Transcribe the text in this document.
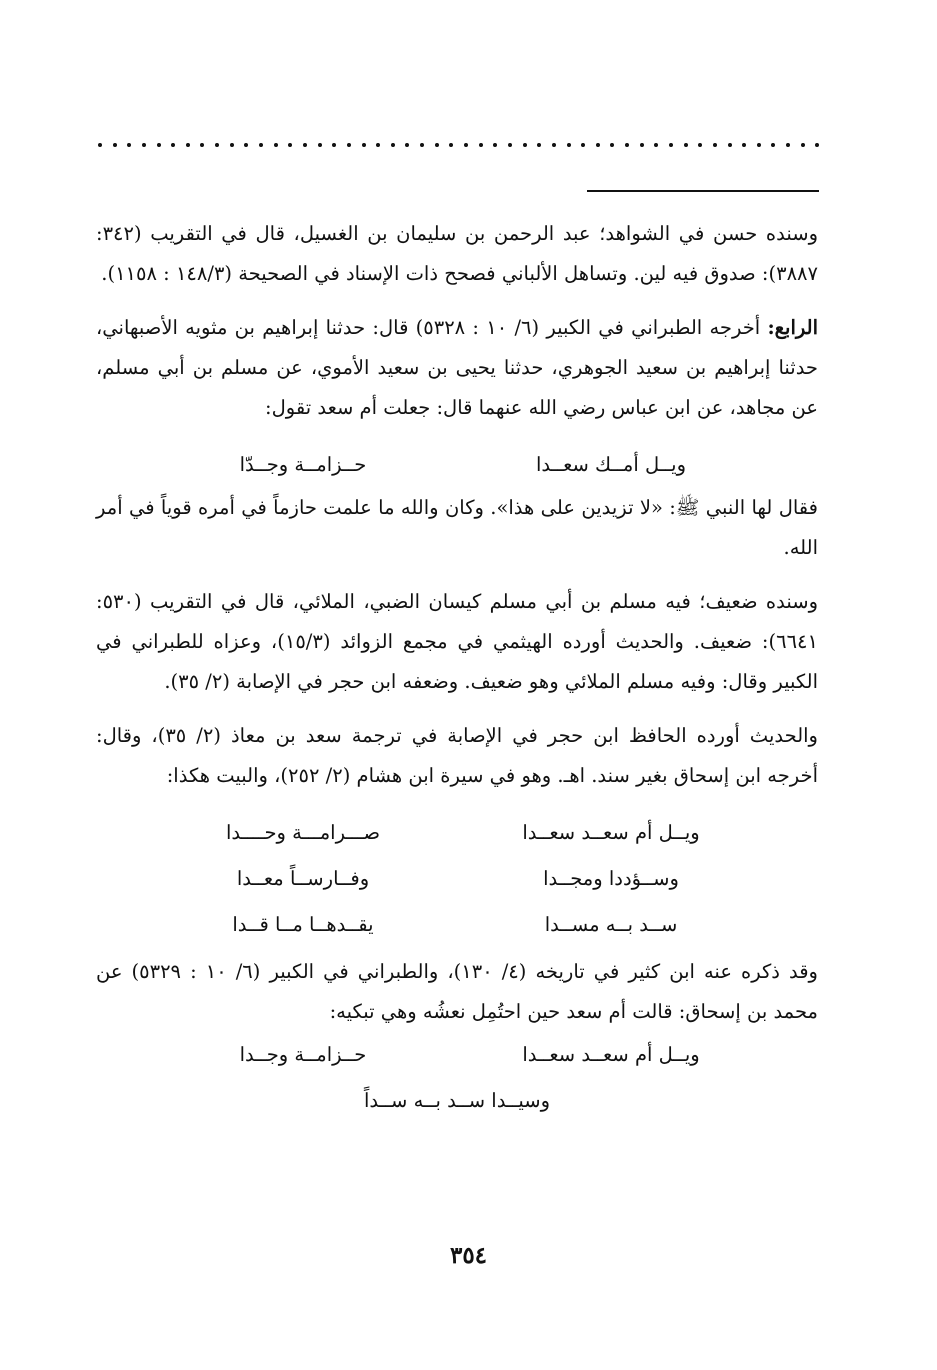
وسنده حسن في الشواهد؛ عبد الرحمن بن سليمان بن الغسيل، قال في التقريب (٣٤٢: ٣٨٨٧): صدوق فيه لين. وتساهل الألباني فصحح ذات الإسناد في الصحيحة (١٤٨/٣ : ١١٥٨).

الرابع: أخرجه الطبراني في الكبير (٦/ ١٠ : ٥٣٢٨) قال: حدثنا إبراهيم بن مثويه الأصبهاني، حدثنا إبراهيم بن سعيد الجوهري، حدثنا يحيى بن سعيد الأموي، عن مسلم بن أبي مسلم، عن مجاهد، عن ابن عباس رضي الله عنهما قال: جعلت أم سعد تقول:

ويــل أمــك سعــدا
حــزامــة وجــدّا

فقال لها النبي ﷺ: «لا تزيدين على هذا». وكان والله ما علمت حازماً في أمره قوياً في أمر الله.

وسنده ضعيف؛ فيه مسلم بن أبي مسلم كيسان الضبي، الملائي، قال في التقريب (٥٣٠: ٦٦٤١): ضعيف. والحديث أورده الهيثمي في مجمع الزوائد (١٥/٣)، وعزاه للطبراني في الكبير وقال: وفيه مسلم الملائي وهو ضعيف. وضعفه ابن حجر في الإصابة (٢/ ٣٥).

والحديث أورده الحافظ ابن حجر في الإصابة في ترجمة سعد بن معاذ (٢/ ٣٥)، وقال: أخرجه ابن إسحاق بغير سند. اهـ. وهو في سيرة ابن هشام (٢/ ٢٥٢)، والبيت هكذا:

ويــل أم سعــد سعــدا
صـــرامـــة وحــــدا
وســؤددا ومجــدا
وفــارســاً معــدا
ســد بــه مســدا
يقــدهــا مــا قــدا

وقد ذكره عنه ابن كثير في تاريخه (٤/ ١٣٠)، والطبراني في الكبير (٦/ ١٠ : ٥٣٢٩) عن محمد بن إسحاق: قالت أم سعد حين احتُمِل نعشُه وهي تبكيه:

ويــل أم سعــد سعــدا
حــزامــة وجــدا
وسيــدا ســد بــه ســداً
٣٥٤
